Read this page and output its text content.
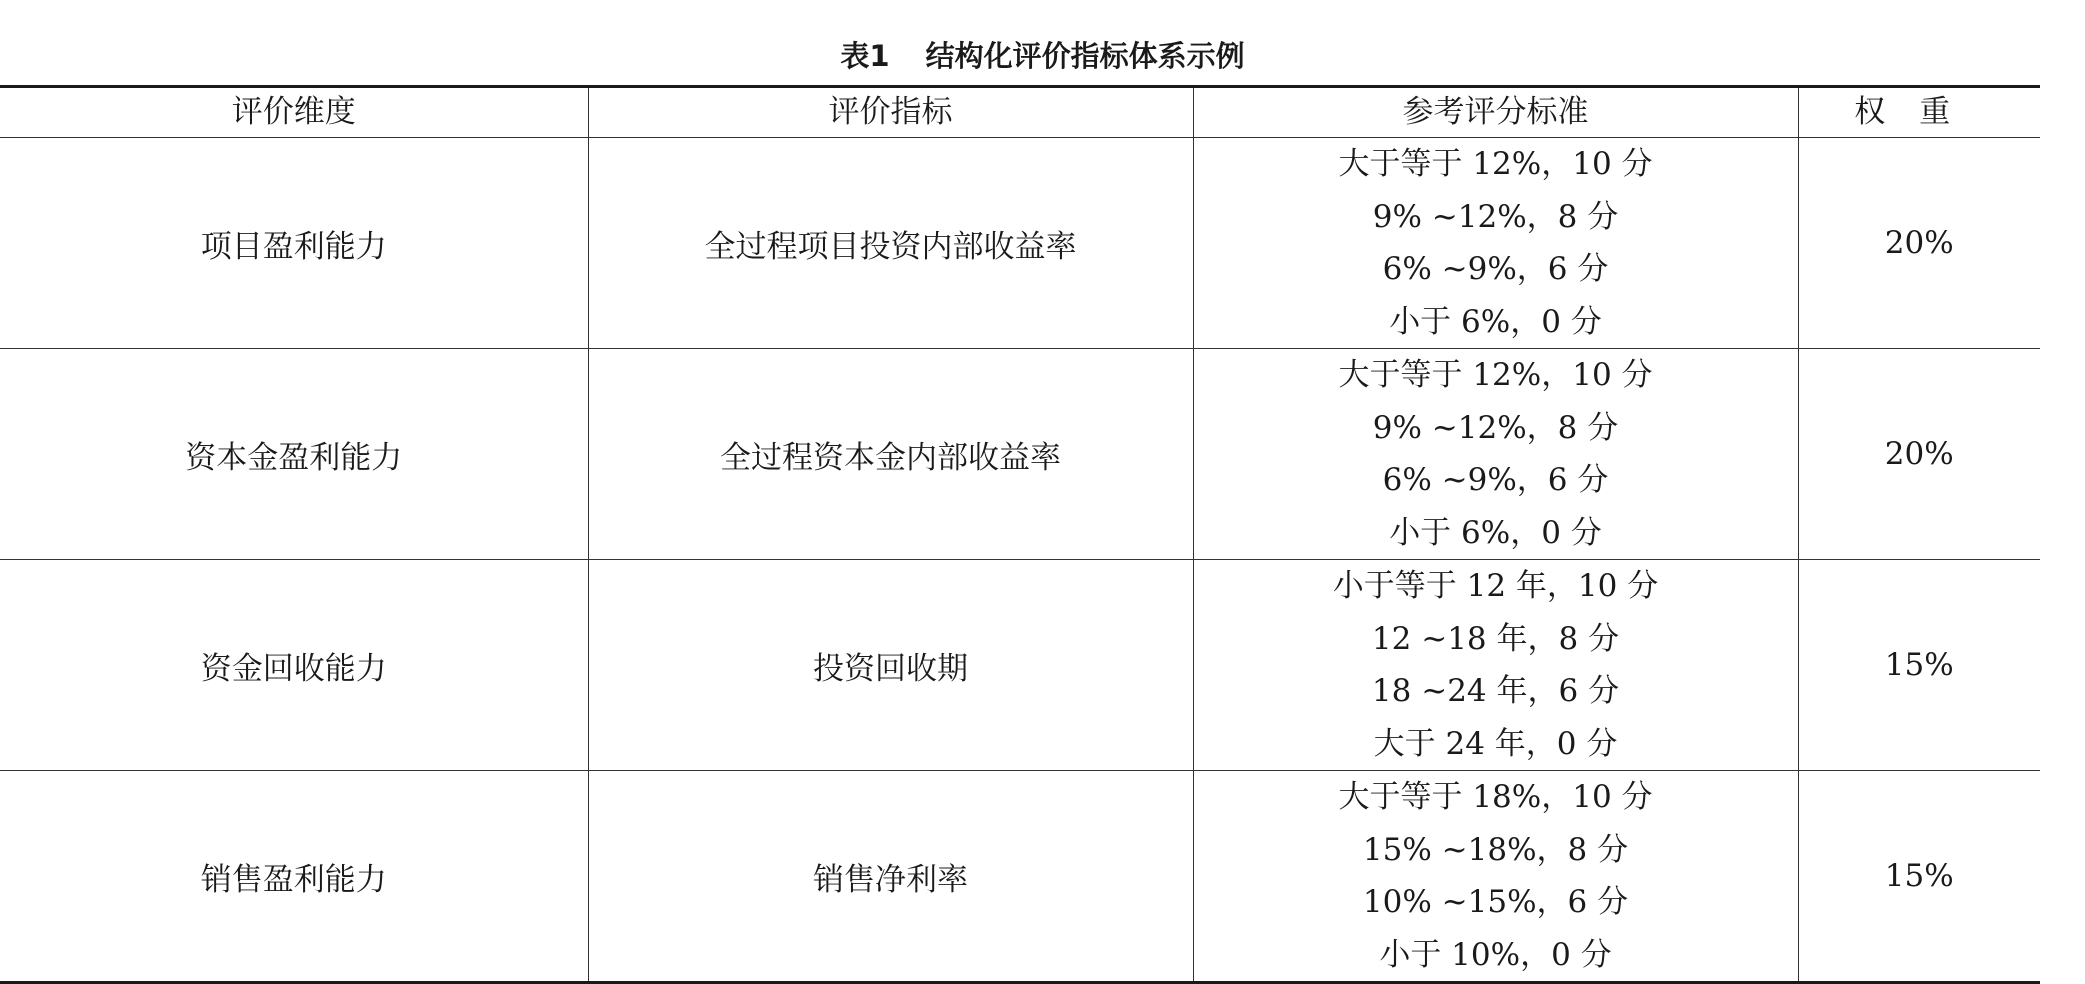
表1 结构化评价指标体系示例
评价维度	评价指标	参考评分标准	权重
项目盈利能力	全过程项目投资内部收益率	大于等于 12%，10 分
9% ~12%，8 分
6% ~9%，6 分
小于 6%，0 分	20%
资本金盈利能力	全过程资本金内部收益率	大于等于 12%，10 分
9% ~12%，8 分
6% ~9%，6 分
小于 6%，0 分	20%
资金回收能力	投资回收期	小于等于 12 年，10 分
12 ~18 年，8 分
18 ~24 年，6 分
大于 24 年，0 分	15%
销售盈利能力	销售净利率	大于等于 18%，10 分
15% ~18%，8 分
10% ~15%，6 分
小于 10%，0 分	15%
